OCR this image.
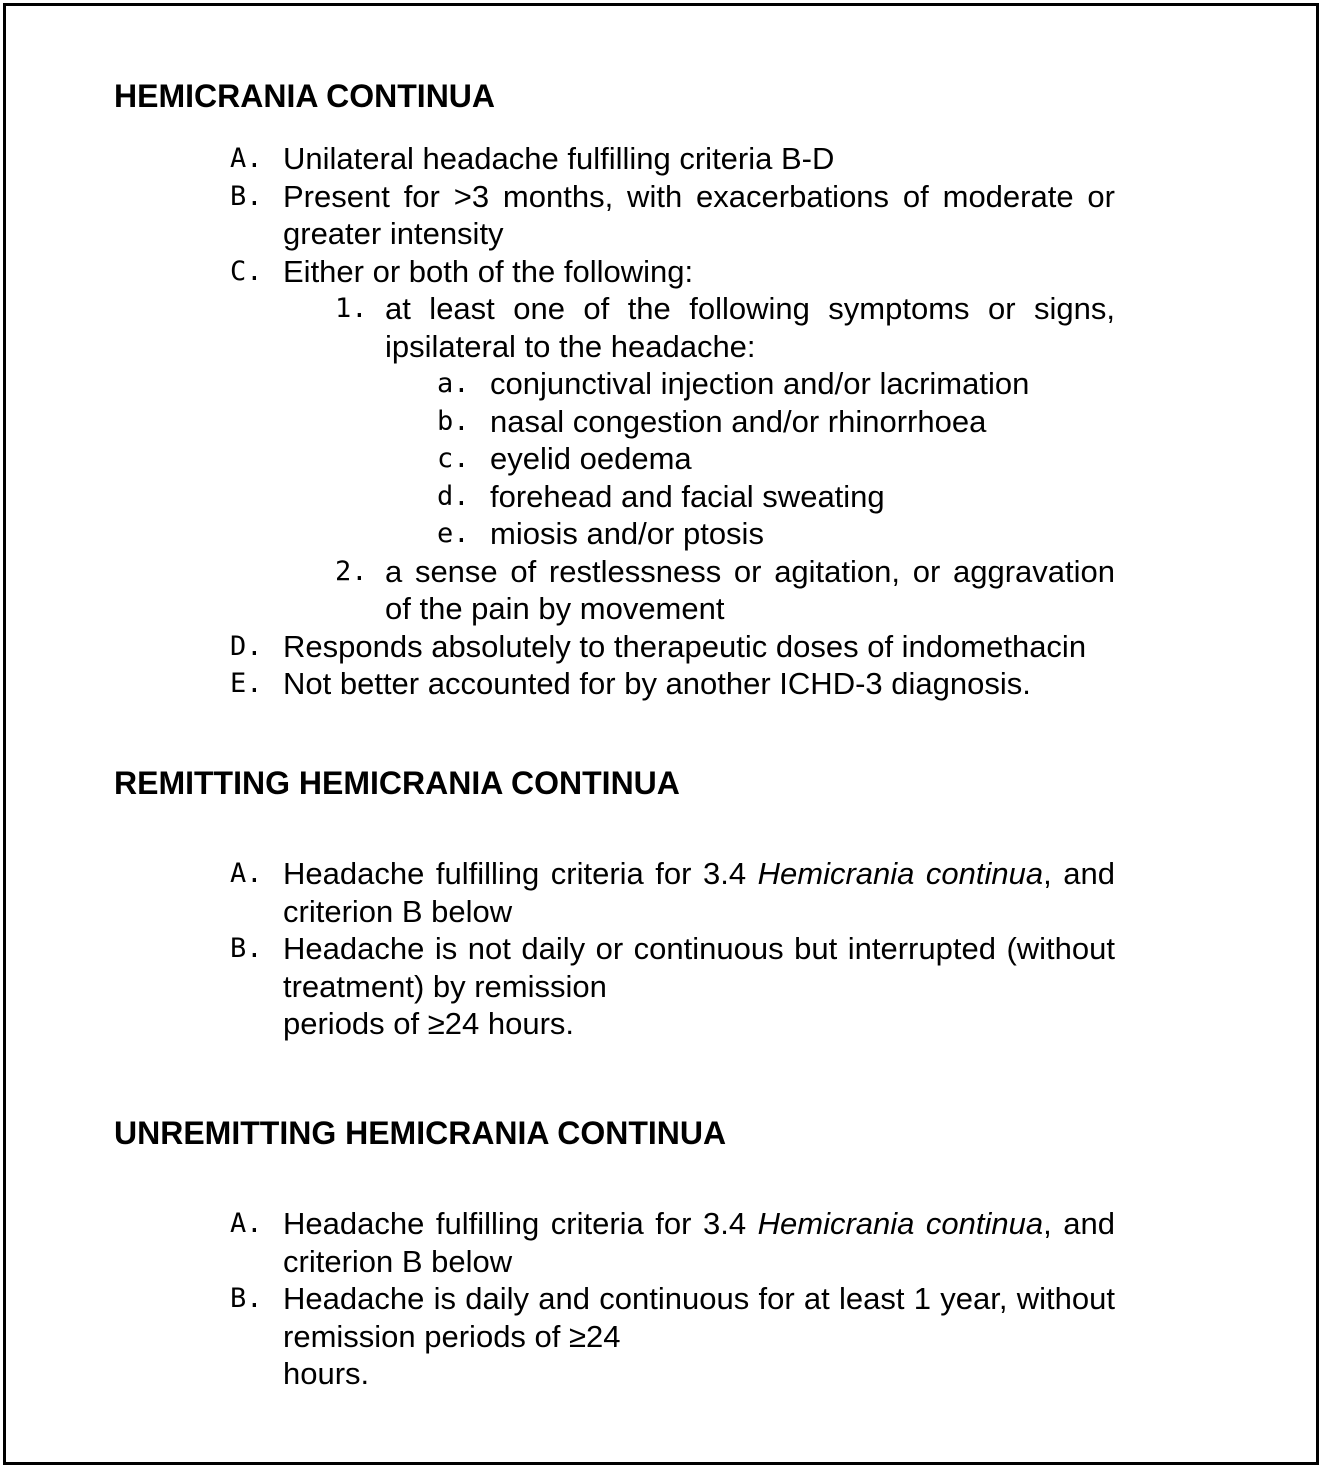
HEMICRANIA CONTINUA
A. Unilateral headache fulfilling criteria B-D
B. Present for >3 months, with exacerbations of moderate or greater intensity
C. Either or both of the following:
1. at least one of the following symptoms or signs, ipsilateral to the headache:
a. conjunctival injection and/or lacrimation
b. nasal congestion and/or rhinorrhoea
c. eyelid oedema
d. forehead and facial sweating
e. miosis and/or ptosis
2. a sense of restlessness or agitation, or aggravation of the pain by movement
D. Responds absolutely to therapeutic doses of indomethacin
E. Not better accounted for by another ICHD-3 diagnosis.
REMITTING HEMICRANIA CONTINUA
A. Headache fulfilling criteria for 3.4 Hemicrania continua, and criterion B below
B. Headache is not daily or continuous but interrupted (without treatment) by remission
periods of ≥24 hours.
UNREMITTING HEMICRANIA CONTINUA
A. Headache fulfilling criteria for 3.4 Hemicrania continua, and criterion B below
B. Headache is daily and continuous for at least 1 year, without remission periods of ≥24
hours.
